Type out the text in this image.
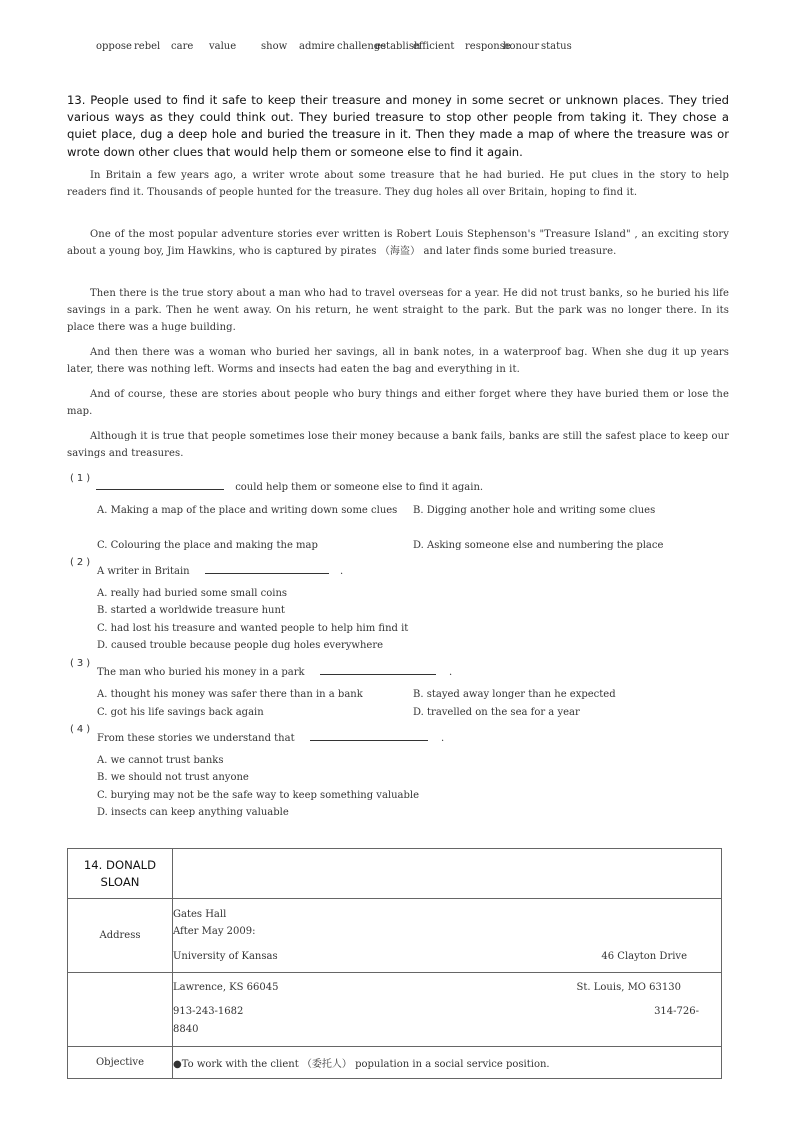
oppose rebel care value show admire challenge
establish
efficient response
honour status
13. People used to find it safe to keep their treasure and money in some secret or unknown places. They tried various ways as they could think out. They buried treasure to stop other people from taking it. They chose a quiet place, dug a deep hole and buried the treasure in it. Then they made a map of where the treasure was or wrote down other clues that would help them or someone else to find it again.
In Britain a few years ago, a writer wrote about some treasure that he had buried. He put clues in the story to help readers find it. Thousands of people hunted for the treasure. They dug holes all over Britain, hoping to find it.
One of the most popular adventure stories ever written is Robert Louis Stephenson's "Treasure Island" , an exciting story about a young boy, Jim Hawkins, who is captured by pirates （海盗） and later finds some buried treasure.
Then there is the true story about a man who had to travel overseas for a year. He did not trust banks, so he buried his life savings in a park. Then he went away. On his return, he went straight to the park. But the park was no longer there. In its place there was a huge building.
And then there was a woman who buried her savings, all in bank notes, in a waterproof bag. When she dug it up years later, there was nothing left. Worms and insects had eaten the bag and everything in it.
And of course, these are stories about people who bury things and either forget where they have buried them or lose the map.
Although it is true that people sometimes lose their money because a bank fails, banks are still the safest place to keep our savings and treasures.
(1)
could help them or someone else to find it again.
A. Making a map of the place and writing down some clues	B. Digging another hole and writing some clues
C. Colouring the place and making the map	D. Asking someone else and numbering the place
(2)
A writer in Britain	.
A. really had buried some small coins
B. started a worldwide treasure hunt
C. had lost his treasure and wanted people to help him find it
D. caused trouble because people dug holes everywhere
(3)
The man who buried his money in a park	.
A. thought his money was safer there than in a bank	B. stayed away longer than he expected
C. got his life savings back again	D. travelled on the sea for a year
(4)
From these stories we understand that	.
A. we cannot trust banks
B. we should not trust anyone
C. burying may not be the safe way to keep something valuable
D. insects can keep anything valuable
14. DONALD
SLOAN	

Address	Gates Hall
After May 2009:
University of Kansas 46 Clayton Drive

	Lawrence, KS 66045 St. Louis, MO 63130
913-243-1682 314-726-
8840

Objective	●To work with the client （委托人） population in a social service position.
